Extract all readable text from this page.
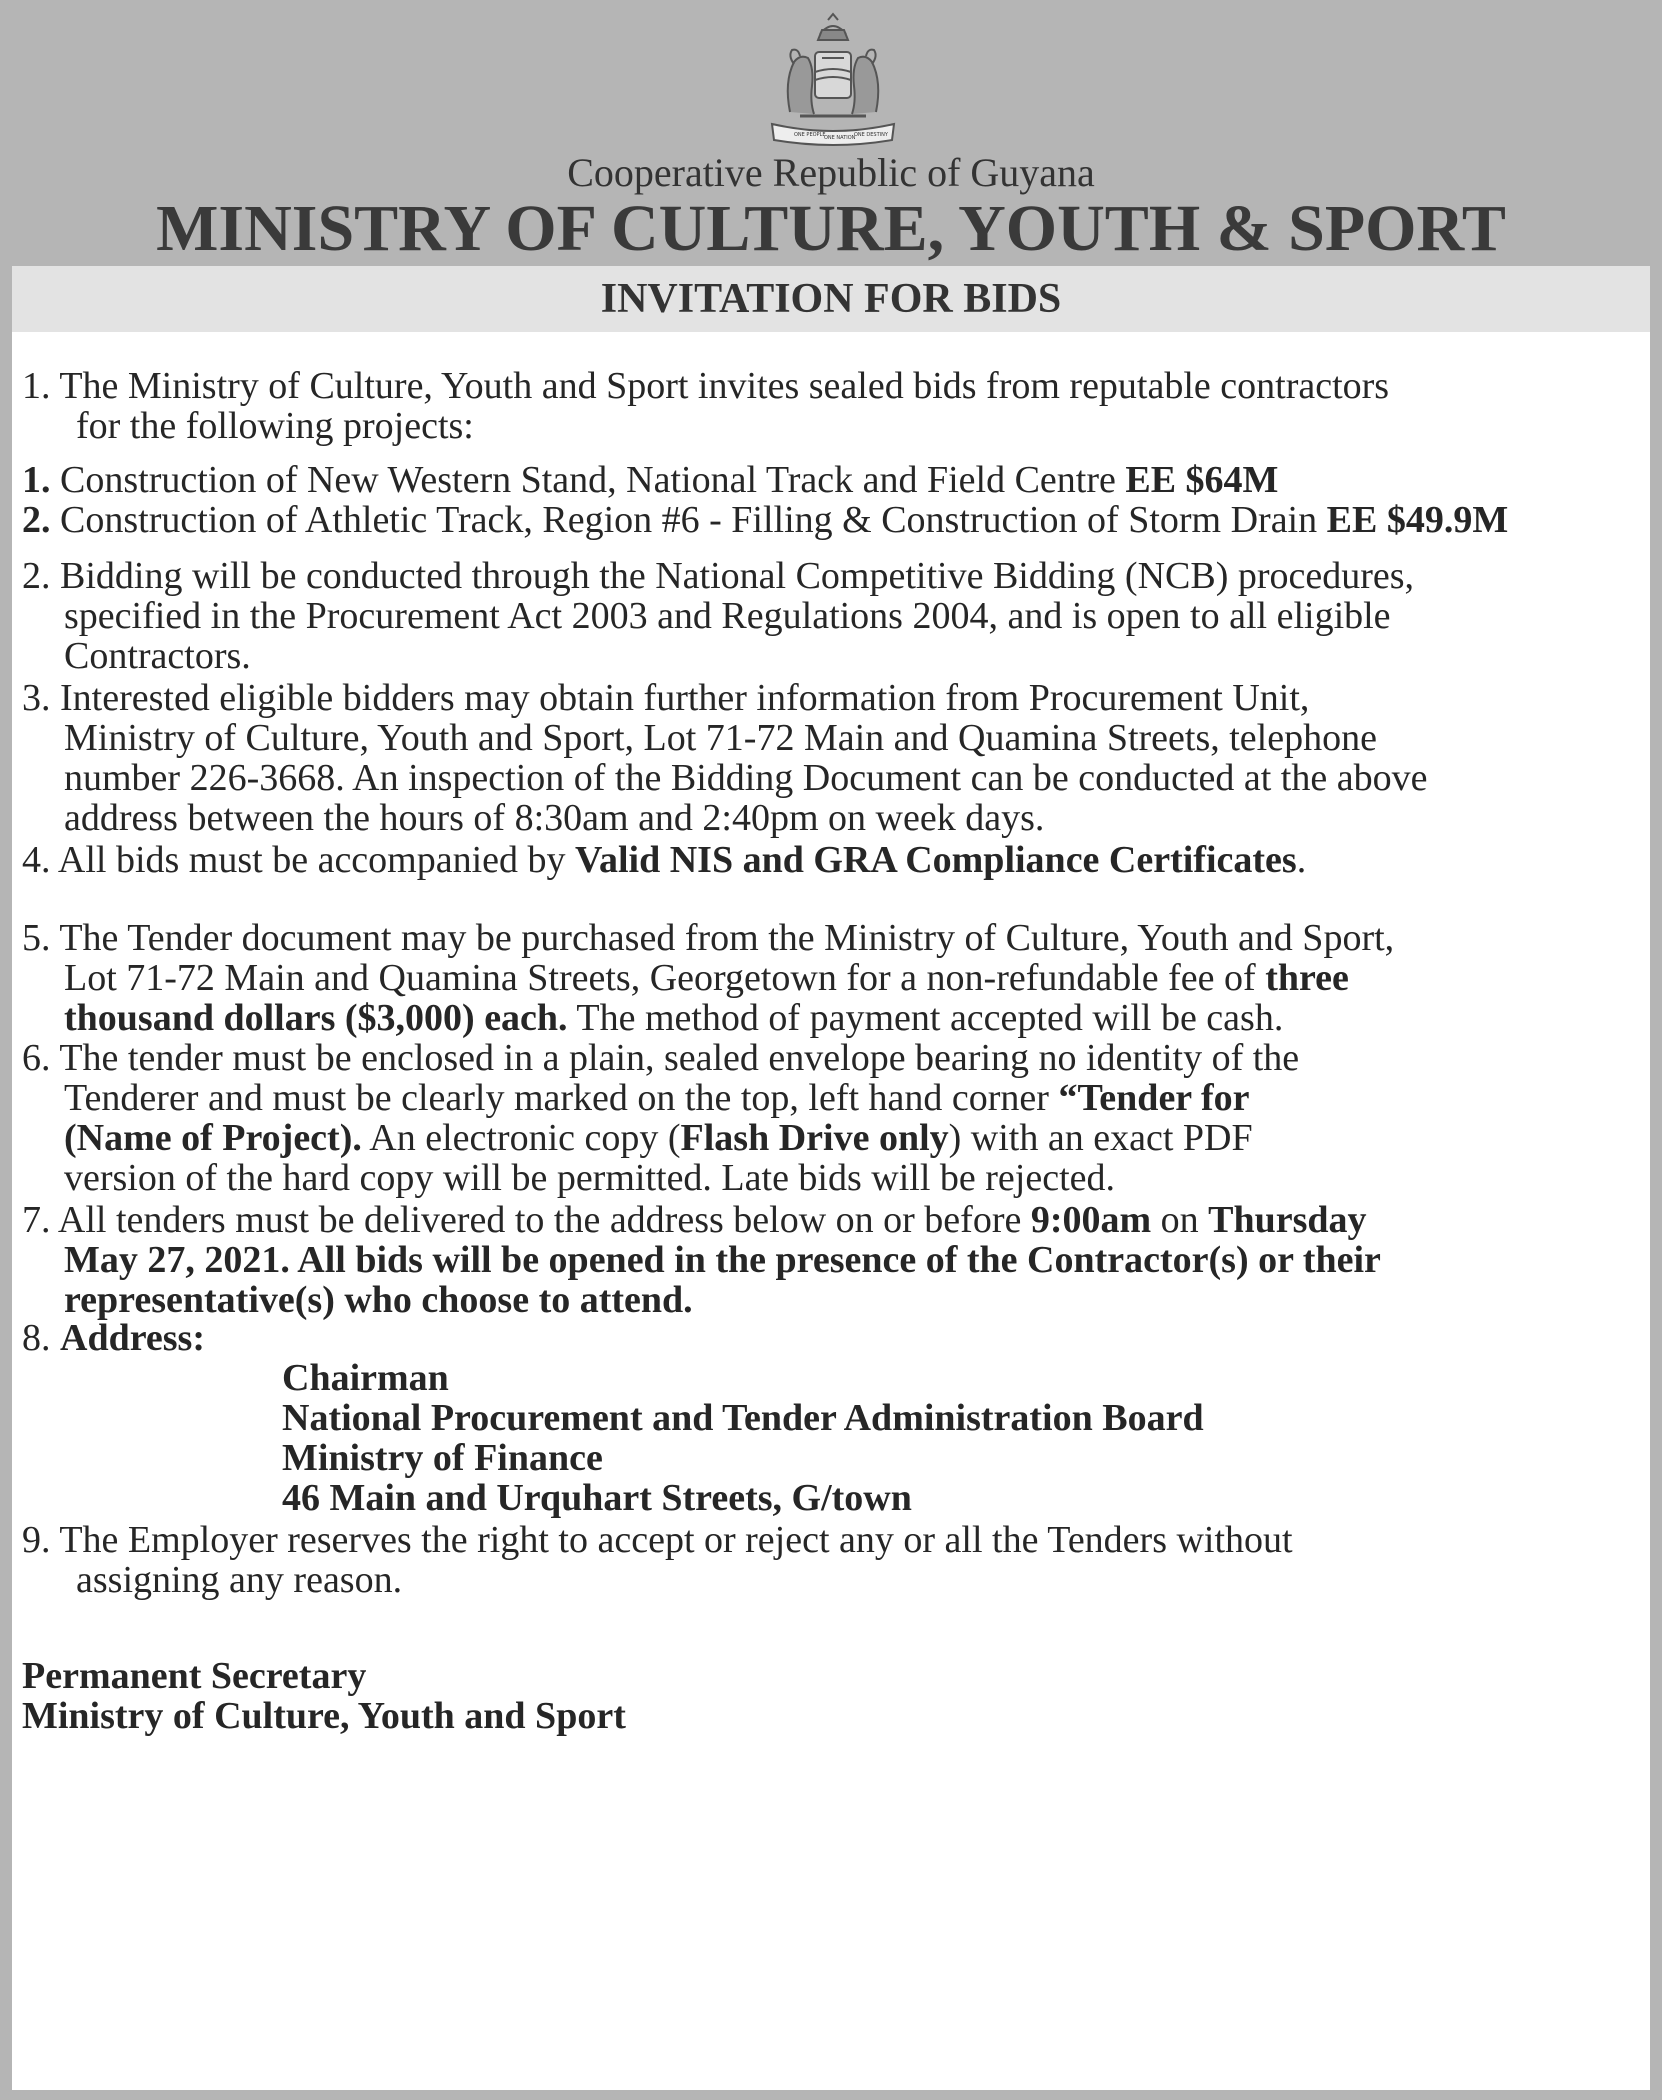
ONE PEOPLE
ONE NATION
ONE DESTINY
Cooperative Republic of Guyana
MINISTRY OF CULTURE, YOUTH & SPORT
INVITATION FOR BIDS
1. The Ministry of Culture, Youth and Sport invites sealed bids from reputable contractors
for the following projects:
1. Construction of New Western Stand, National Track and Field Centre EE $64M
2. Construction of Athletic Track, Region #6 - Filling & Construction of Storm Drain EE $49.9M
2. Bidding will be conducted through the National Competitive Bidding (NCB) procedures,
specified in the Procurement Act 2003 and Regulations 2004, and is open to all eligible
Contractors.
3. Interested eligible bidders may obtain further information from Procurement Unit,
Ministry of Culture, Youth and Sport, Lot 71-72 Main and Quamina Streets, telephone
number 226-3668. An inspection of the Bidding Document can be conducted at the above
address between the hours of 8:30am and 2:40pm on week days.
4. All bids must be accompanied by Valid NIS and GRA Compliance Certificates.
5. The Tender document may be purchased from the Ministry of Culture, Youth and Sport,
Lot 71-72 Main and Quamina Streets, Georgetown for a non-refundable fee of three
thousand dollars ($3,000) each. The method of payment accepted will be cash.
6. The tender must be enclosed in a plain, sealed envelope bearing no identity of the
Tenderer and must be clearly marked on the top, left hand corner “Tender for
(Name of Project). An electronic copy (Flash Drive only) with an exact PDF
version of the hard copy will be permitted. Late bids will be rejected.
7. All tenders must be delivered to the address below on or before 9:00am on Thursday
May 27, 2021. All bids will be opened in the presence of the Contractor(s) or their
representative(s) who choose to attend.
8. Address:
Chairman
National Procurement and Tender Administration Board
Ministry of Finance
46 Main and Urquhart Streets, G/town
9. The Employer reserves the right to accept or reject any or all the Tenders without
assigning any reason.
Permanent Secretary
Ministry of Culture, Youth and Sport
